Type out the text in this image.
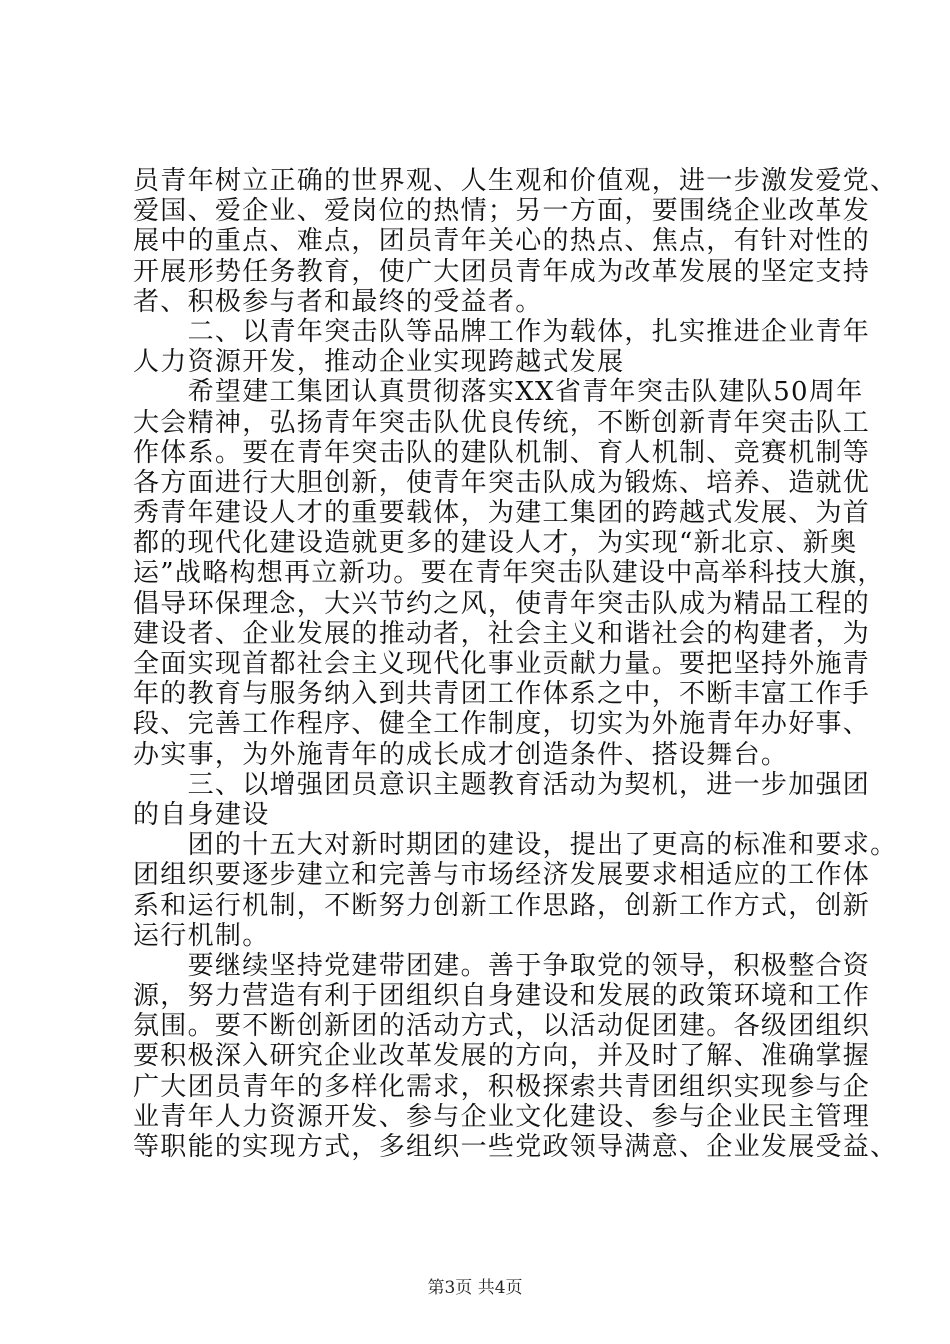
员青年树立正确的世界观、人生观和价值观，进一步激发爱党、
爱国、爱企业、爱岗位的热情；另一方面，要围绕企业改革发
展中的重点、难点，团员青年关心的热点、焦点，有针对性的
开展形势任务教育，使广大团员青年成为改革发展的坚定支持
者、积极参与者和最终的受益者。
　　二、以青年突击队等品牌工作为载体，扎实推进企业青年
人力资源开发，推动企业实现跨越式发展
　　希望建工集团认真贯彻落实XX省青年突击队建队50周年
大会精神，弘扬青年突击队优良传统，不断创新青年突击队工
作体系。要在青年突击队的建队机制、育人机制、竞赛机制等
各方面进行大胆创新，使青年突击队成为锻炼、培养、造就优
秀青年建设人才的重要载体，为建工集团的跨越式发展、为首
都的现代化建设造就更多的建设人才，为实现“新北京、新奥
运”战略构想再立新功。要在青年突击队建设中高举科技大旗，
倡导环保理念，大兴节约之风，使青年突击队成为精品工程的
建设者、企业发展的推动者，社会主义和谐社会的构建者，为
全面实现首都社会主义现代化事业贡献力量。要把坚持外施青
年的教育与服务纳入到共青团工作体系之中，不断丰富工作手
段、完善工作程序、健全工作制度，切实为外施青年办好事、
办实事，为外施青年的成长成才创造条件、搭设舞台。
　　三、以增强团员意识主题教育活动为契机，进一步加强团
的自身建设
　　团的十五大对新时期团的建设，提出了更高的标准和要求。
团组织要逐步建立和完善与市场经济发展要求相适应的工作体
系和运行机制，不断努力创新工作思路，创新工作方式，创新
运行机制。
　　要继续坚持党建带团建。善于争取党的领导，积极整合资
源，努力营造有利于团组织自身建设和发展的政策环境和工作
氛围。要不断创新团的活动方式，以活动促团建。各级团组织
要积极深入研究企业改革发展的方向，并及时了解、准确掌握
广大团员青年的多样化需求，积极探索共青团组织实现参与企
业青年人力资源开发、参与企业文化建设、参与企业民主管理
等职能的实现方式，多组织一些党政领导满意、企业发展受益、
第3页 共4页
